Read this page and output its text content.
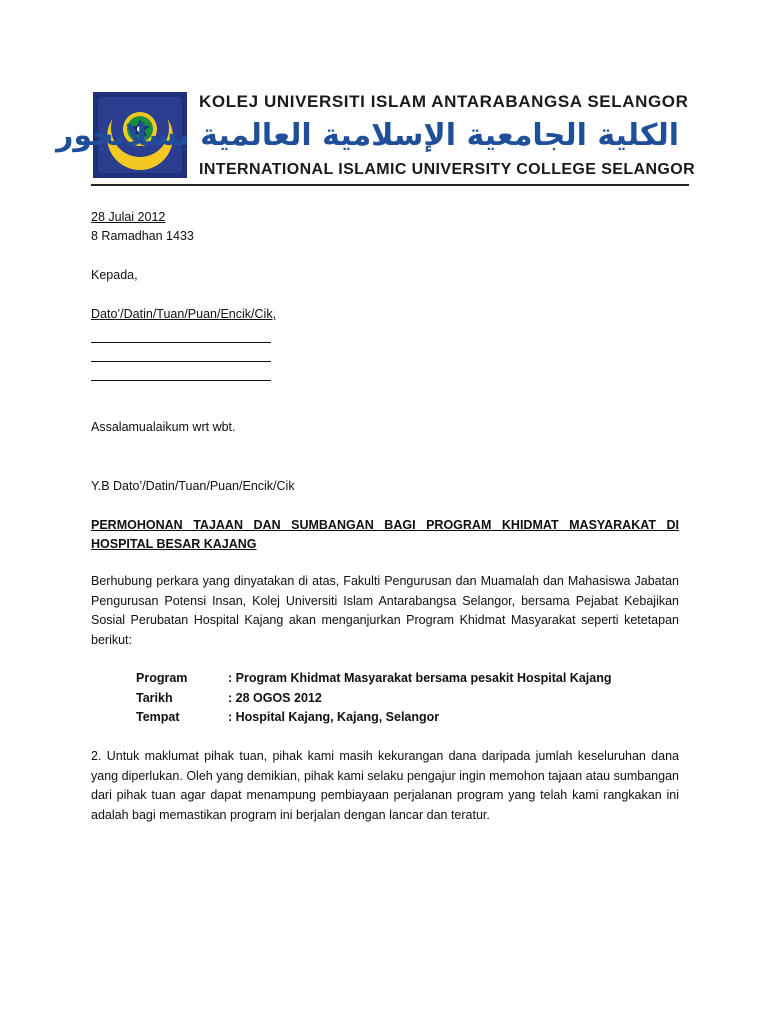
KOLEJ UNIVERSITI ISLAM ANTARABANGSA SELANGOR
الكلية الجامعية الإسلامية العالمية بسلانجور
INTERNATIONAL ISLAMIC UNIVERSITY COLLEGE SELANGOR
28 Julai 2012
8 Ramadhan 1433
Kepada,
Dato’/Datin/Tuan/Puan/Encik/Cik,
Assalamualaikum wrt wbt.
Y.B Dato’/Datin/Tuan/Puan/Encik/Cik
PERMOHONAN TAJAAN DAN SUMBANGAN BAGI PROGRAM KHIDMAT MASYARAKAT DI HOSPITAL BESAR KAJANG
Berhubung perkara yang dinyatakan di atas, Fakulti Pengurusan dan Muamalah dan Mahasiswa Jabatan Pengurusan Potensi Insan, Kolej Universiti Islam Antarabangsa Selangor, bersama Pejabat Kebajikan Sosial Perubatan Hospital Kajang akan menganjurkan Program Khidmat Masyarakat seperti ketetapan berikut:
Program	: Program Khidmat Masyarakat bersama pesakit Hospital Kajang
Tarikh	: 28 OGOS 2012
Tempat	: Hospital Kajang, Kajang, Selangor
2. Untuk maklumat pihak tuan, pihak kami masih kekurangan dana daripada jumlah keseluruhan dana yang diperlukan. Oleh yang demikian, pihak kami selaku pengajur ingin memohon tajaan atau sumbangan dari pihak tuan agar dapat menampung pembiayaan perjalanan program yang telah kami rangkakan ini adalah bagi memastikan program ini berjalan dengan lancar dan teratur.
